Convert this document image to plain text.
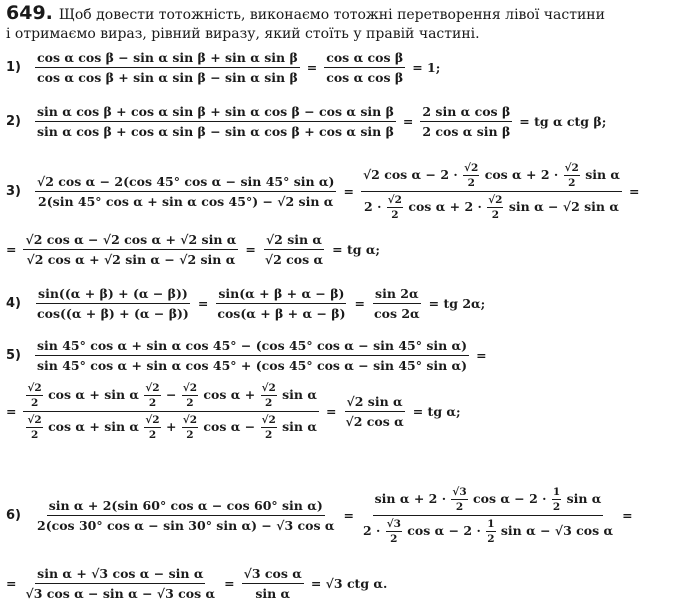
649. Щоб довести тотожність, виконаємо тотожні перетворення лівої частини
і отримаємо вираз, рівний виразу, який стоїть у правій частині.
1)	$\frac{\text{cos α cos β − sin α sin β + sin α sin β}}{\text{cos α cos β + sin α sin β − sin α sin β}} = \frac{\text{cos α cos β}}{\text{cos α cos β}} = 1$;
2)	$\frac{\text{sin α cos β + cos α sin β + sin α cos β − cos α sin β}}{\text{sin α cos β + cos α sin β − sin α cos β + cos α sin β}} = \frac{\text{2 sin α cos β}}{\text{2 cos α sin β}}$ = tg α ctg β;
3)	$\frac{\text{√2 cos α − 2(cos 45° cos α − sin 45° sin α)}}{\text{2(sin 45° cos α + sin α cos 45°) − √2 sin α}}$ =
√2 $\cos \alpha - 2 \cdot \frac{√2}{2}$ $\cos \alpha + 2 \cdot \frac{√2}{2}$ sin α
$2 \cdot \frac{√2}{2}$ $\cos \alpha + 2 \cdot \frac{√2}{2}$ sin α − √2 sin α
=
= $\frac{\text{√2 cos α − √2 cos α + √2 sin α}}{\text{√2 cos α + √2 sin α − √2 sin α}} = \frac{\text{√2 sin α}}{\text{√2 cos α}}$ = tg α;
4)	$\frac{\sin((\alpha + \beta) + (\alpha - \beta))}{\cos((\alpha + \beta) + (\alpha - \beta))} = \frac{\sin(\alpha + \beta + \alpha - \beta)}{\cos(\alpha + \beta + \alpha - \beta)} = \frac{\sin 2\alpha}{\cos 2\alpha}$ = tg 2α;
5)
sin 45° cos α + sin α cos 45° − (cos 45° cos α − sin 45° sin α)
sin 45° cos α + sin α cos 45° + (cos 45° cos α − sin 45° sin α)
=
=
$\frac{√2}{2}$ cos α + sin α $\frac{√2}{2} - \frac{√2}{2}$ $\cos \alpha + \frac{√2}{2}$ sin α
$\frac{√2}{2}$ cos α + sin α $\frac{√2}{2} + \frac{√2}{2}$ $\cos \alpha - \frac{√2}{2}$ sin α
= $\frac{\text{√2 sin α}}{\text{√2 cos α}}$ = tg α;
6)	$\frac{\text{sin α + 2(sin 60° cos α − cos 60° sin α)}}{\text{2(cos 30° cos α − sin 30° sin α) − √3 cos α}}$ =
$\sin \alpha + 2 \cdot \frac{√3}{2}$ $\cos \alpha - 2 \cdot \frac{1}{2}$ sin α
$2 \cdot \frac{√3}{2}$ $\cos \alpha - 2 \cdot \frac{1}{2}$ sin α − √3 cos α
=
= $\frac{\text{sin α + √3 cos α − sin α}}{\text{√3 cos α − sin α − √3 cos α}} = \frac{\text{√3 cos α}}{\text{sin α}} = √3$ ctg α.
